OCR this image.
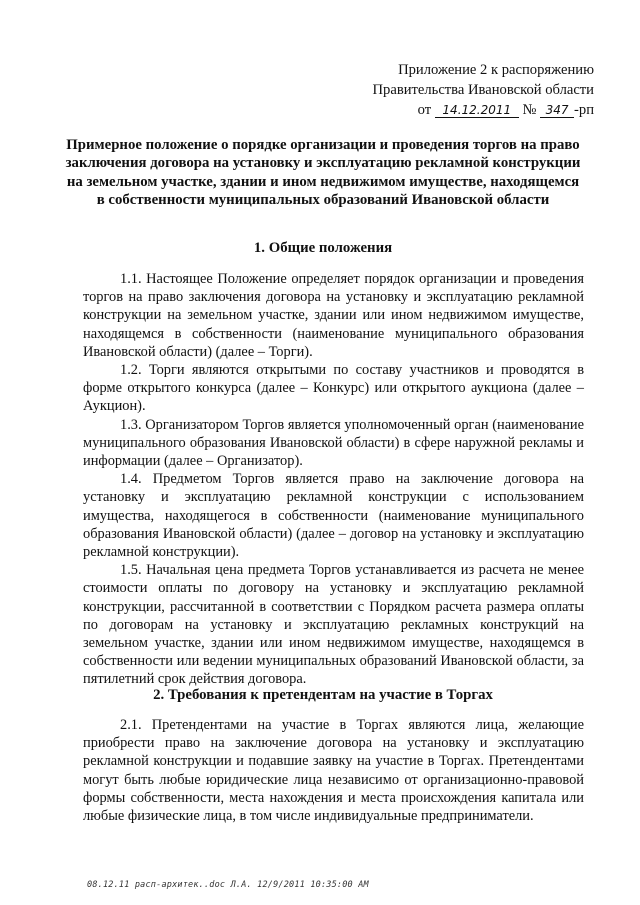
Приложение 2 к распоряжению
Правительства Ивановской области
от 14.12.2011 № 347 -рп
Примерное положение о порядке организации и проведения торгов на право заключения договора на установку и эксплуатацию рекламной конструкции на земельном участке, здании и ином недвижимом имуществе, находящемся в собственности муниципальных образований Ивановской области
1. Общие положения

1.1. Настоящее Положение определяет порядок организации и проведения торгов на право заключения договора на установку и эксплуатацию рекламной конструкции на земельном участке, здании или ином недвижимом имуществе, находящемся в собственности (наименование муниципального образования Ивановской области) (далее – Торги).

1.2. Торги являются открытыми по составу участников и проводятся в форме открытого конкурса (далее – Конкурс) или открытого аукциона (далее – Аукцион).

1.3. Организатором Торгов является уполномоченный орган (наименование муниципального образования Ивановской области) в сфере наружной рекламы и информации (далее – Организатор).

1.4. Предметом Торгов является право на заключение договора на установку и эксплуатацию рекламной конструкции с использованием имущества, находящегося в собственности (наименование муниципального образования Ивановской области) (далее – договор на установку и эксплуатацию рекламной конструкции).

1.5. Начальная цена предмета Торгов устанавливается из расчета не менее стоимости оплаты по договору на установку и эксплуатацию рекламной конструкции, рассчитанной в соответствии с Порядком расчета размера оплаты по договорам на установку и эксплуатацию рекламных конструкций на земельном участке, здании или ином недвижимом имуществе, находящемся в собственности или ведении муниципальных образований Ивановской области, за пятилетний срок действия договора.

2. Требования к претендентам на участие в Торгах

2.1. Претендентами на участие в Торгах являются лица, желающие приобрести право на заключение договора на установку и эксплуатацию рекламной конструкции и подавшие заявку на участие в Торгах. Претендентами могут быть любые юридические лица независимо от организационно-правовой формы собственности, места нахождения и места происхождения капитала или любые физические лица, в том числе индивидуальные предприниматели.

08.12.11 расп-архитек..doc Л.А. 12/9/2011 10:35:00 AM
